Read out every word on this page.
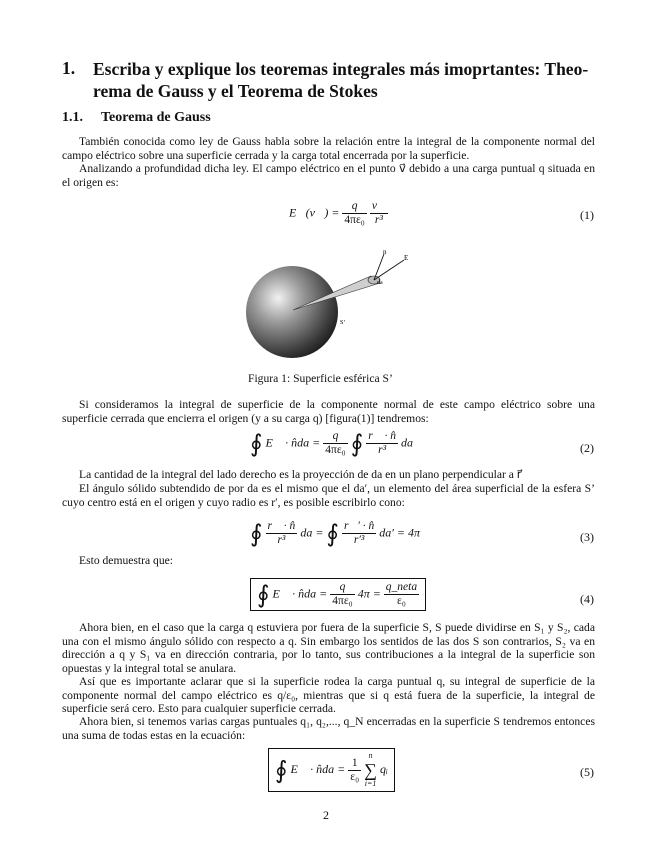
1. Escriba y explique los teoremas integrales más imoprtantes: Theo-
rema de Gauss y el Teorema de Stokes
1.1. Teorema de Gauss
También conocida como ley de Gauss habla sobre la relación entre la integral de la componente normal del campo eléctrico sobre una superficie cerrada y la carga total encerrada por la superficie.
Analizando a profundidad dicha ley. El campo eléctrico en el punto v⃗ debido a una carga puntual q situada en el origen es:
E⃗(v⃗) = $\frac{q}{\text{4πε₀}}$
$\frac{v⃗}{\text{r³}}$	(1)
n
E
da
S’
Figura 1: Superficie esférica S’
Si consideramos la integral de superficie de la componente normal de este campo eléctrico sobre una superficie cerrada que encierra el origen (y a su carga q) [figura(1)] tendremos:
∮ E⃗ · n̂da = $\frac{q}{\text{4πε₀}}$ ∮ $\frac{r⃗ \cdot n̂}{\text{r³}}$ da	(2)
La cantidad de la integral del lado derecho es la proyección de da en un plano perpendicular a r⃗
El ángulo sólido subtendido de por da es el mismo que el da′, un elemento del área superficial de la esfera S’ cuyo centro está en el origen y cuyo radio es r′, es posible escribirlo cono:
∮ $\frac{r⃗ \cdot n̂}{\text{r³}}$ da = ∮ $\frac{r⃗' \cdot n̂}{\text{r′³}} da' = 4\pi$	(3)
Esto demuestra que:
∮ E⃗ · n̂da = $\frac{q}{\text{4πε₀}} 4\pi = \frac{\text{q\_neta}}{\text{ε₀}}$	(4)
Ahora bien, en el caso que la carga q estuviera por fuera de la superficie S, S puede dividirse en S₁ y S₂, cada una con el mismo ángulo sólido con respecto a q. Sin embargo los sentidos de las dos S son contrarios, S₂ va en dirección a q y S₁ va en dirección contraria, por lo tanto, sus contribuciones a la integral de la superficie son opuestas y la integral total se anulara.
Así que es importante aclarar que si la superficie rodea la carga puntual q, su integral de superficie de la componente normal del campo eléctrico es q/ε₀, mientras que si q está fuera de la superficie, la integral de superficie será cero. Esto para cualquier superficie cerrada.
Ahora bien, si tenemos varias cargas puntuales q₁, q₂,..., q_N encerradas en la superficie S tendremos entonces una suma de todas estas en la ecuación:
∮ E⃗ · n̂da = $\frac{1}{\text{ε₀}}$

n
∑
i=1
qᵢ	(5)
2
